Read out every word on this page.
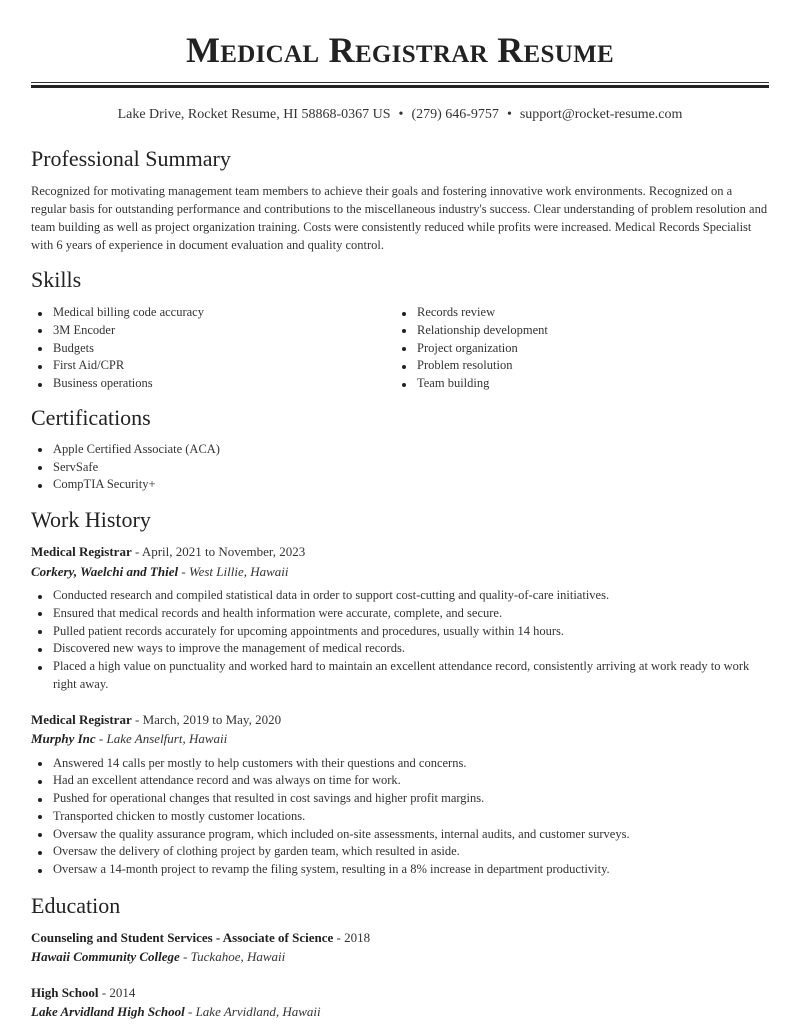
Medical Registrar Resume
Lake Drive, Rocket Resume, HI 58868-0367 US • (279) 646-9757 • support@rocket-resume.com
Professional Summary

Recognized for motivating management team members to achieve their goals and fostering innovative work environments. Recognized on a regular basis for outstanding performance and contributions to the miscellaneous industry's success. Clear understanding of problem resolution and team building as well as project organization training. Costs were consistently reduced while profits were increased. Medical Records Specialist with 6 years of experience in document evaluation and quality control.

Skills
Medical billing code accuracy
3M Encoder
Budgets
First Aid/CPR
Business operations
Records review
Relationship development
Project organization
Problem resolution
Team building
Certifications
Apple Certified Associate (ACA)
ServSafe
CompTIA Security+
Work History
Medical Registrar - April, 2021 to November, 2023
Corkery, Waelchi and Thiel - West Lillie, Hawaii
Conducted research and compiled statistical data in order to support cost-cutting and quality-of-care initiatives.
Ensured that medical records and health information were accurate, complete, and secure.
Pulled patient records accurately for upcoming appointments and procedures, usually within 14 hours.
Discovered new ways to improve the management of medical records.
Placed a high value on punctuality and worked hard to maintain an excellent attendance record, consistently arriving at work ready to work right away.
Medical Registrar - March, 2019 to May, 2020
Murphy Inc - Lake Anselfurt, Hawaii
Answered 14 calls per mostly to help customers with their questions and concerns.
Had an excellent attendance record and was always on time for work.
Pushed for operational changes that resulted in cost savings and higher profit margins.
Transported chicken to mostly customer locations.
Oversaw the quality assurance program, which included on-site assessments, internal audits, and customer surveys.
Oversaw the delivery of clothing project by garden team, which resulted in aside.
Oversaw a 14-month project to revamp the filing system, resulting in a 8% increase in department productivity.
Education
Counseling and Student Services - Associate of Science - 2018
Hawaii Community College - Tuckahoe, Hawaii
High School - 2014
Lake Arvidland High School - Lake Arvidland, Hawaii
